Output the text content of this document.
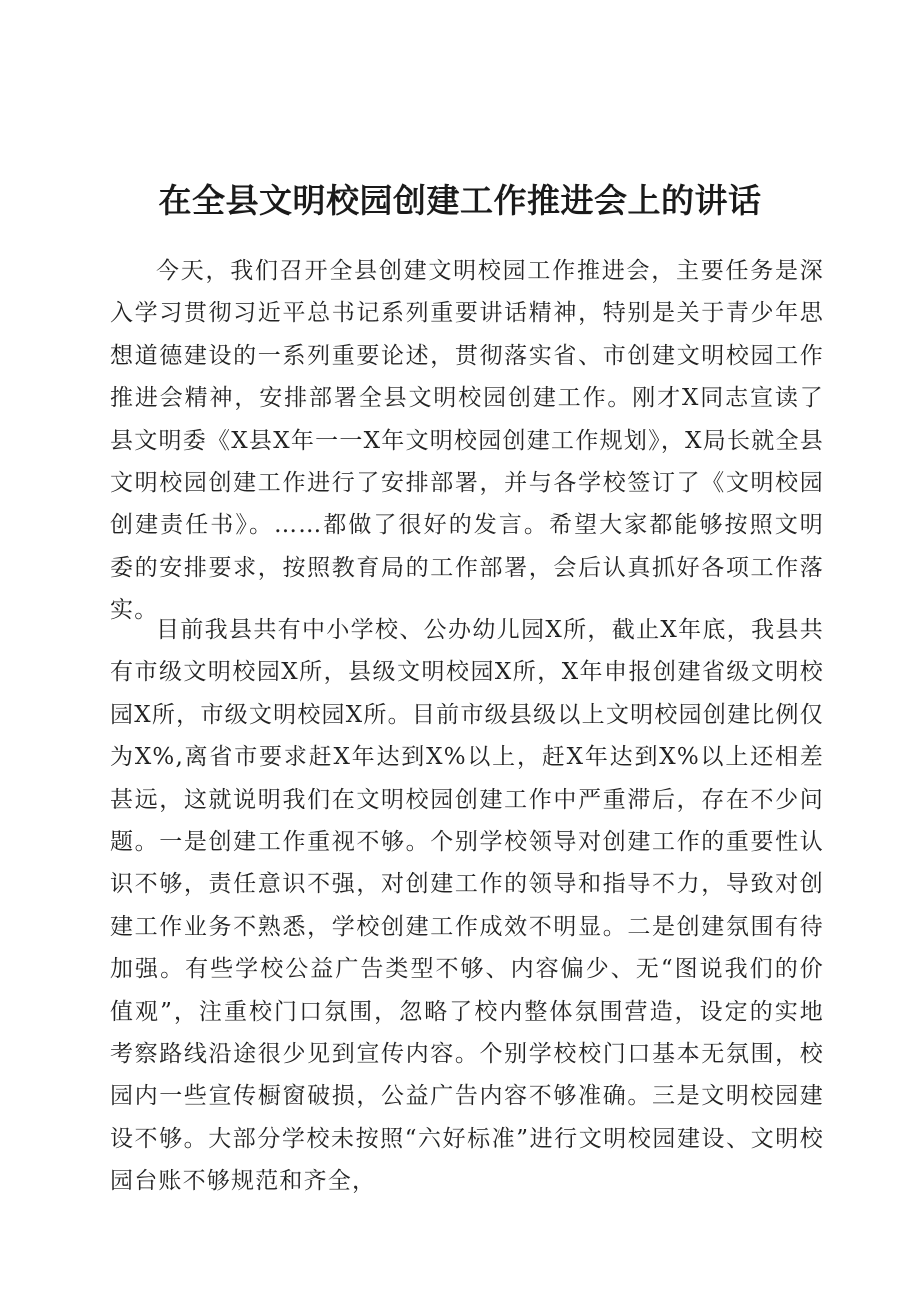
在全县文明校园创建工作推进会上的讲话

今天，我们召开全县创建文明校园工作推进会，主要任务是深入学习贯彻习近平总书记系列重要讲话精神，特别是关于青少年思想道德建设的一系列重要论述，贯彻落实省、市创建文明校园工作推进会精神，安排部署全县文明校园创建工作。刚才X同志宣读了县文明委《X县X年一一X年文明校园创建工作规划》，X局长就全县文明校园创建工作进行了安排部署，并与各学校签订了《文明校园创建责任书》。……都做了很好的发言。希望大家都能够按照文明委的安排要求，按照教育局的工作部署，会后认真抓好各项工作落实。

目前我县共有中小学校、公办幼儿园X所，截止X年底，我县共有市级文明校园X所，县级文明校园X所，X年申报创建省级文明校园X所，市级文明校园X所。目前市级县级以上文明校园创建比例仅为X%,离省市要求赶X年达到X%以上，赶X年达到X%以上还相差甚远，这就说明我们在文明校园创建工作中严重滞后，存在不少问题。一是创建工作重视不够。个别学校领导对创建工作的重要性认识不够，责任意识不强，对创建工作的领导和指导不力，导致对创建工作业务不熟悉，学校创建工作成效不明显。二是创建氛围有待加强。有些学校公益广告类型不够、内容偏少、无“图说我们的价值观”，注重校门口氛围，忽略了校内整体氛围营造，设定的实地考察路线沿途很少见到宣传内容。个别学校校门口基本无氛围，校园内一些宣传橱窗破损，公益广告内容不够准确。三是文明校园建设不够。大部分学校未按照“六好标准”进行文明校园建设、文明校园台账不够规范和齐全，
